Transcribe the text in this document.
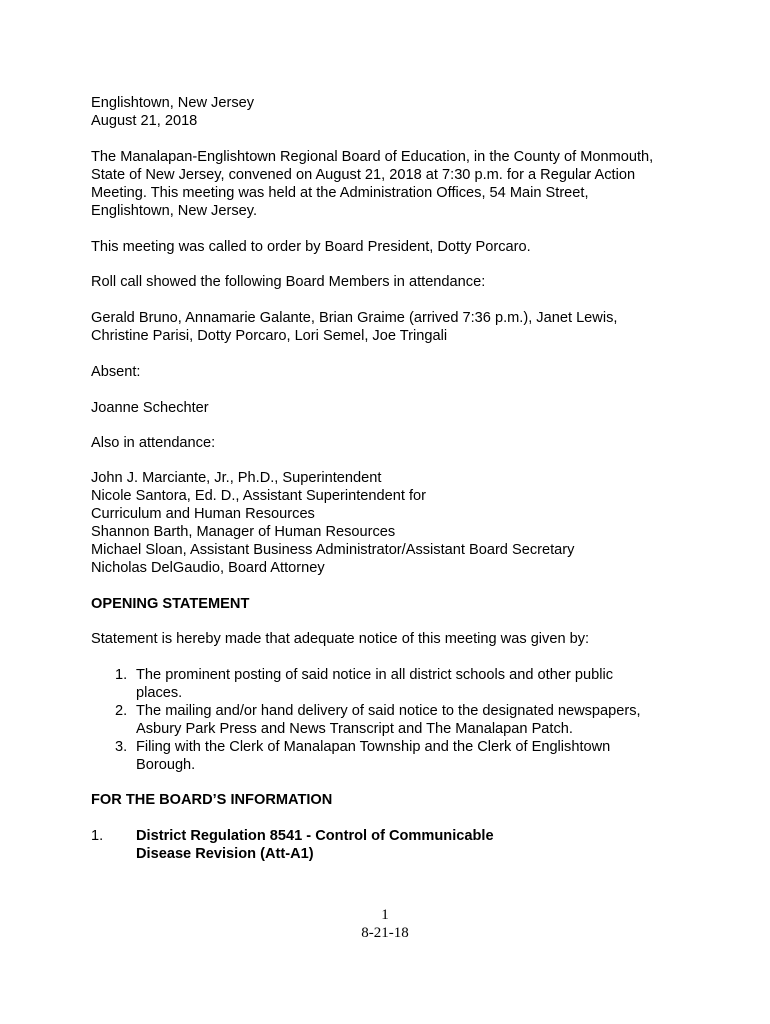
Englishtown, New Jersey
August 21, 2018
The Manalapan-Englishtown Regional Board of Education, in the County of Monmouth,
State of New Jersey, convened on August 21, 2018 at 7:30 p.m. for a Regular Action
Meeting. This meeting was held at the Administration Offices, 54 Main Street,
Englishtown, New Jersey.
This meeting was called to order by Board President, Dotty Porcaro.
Roll call showed the following Board Members in attendance:
Gerald Bruno, Annamarie Galante, Brian Graime (arrived 7:36 p.m.), Janet Lewis,
Christine Parisi, Dotty Porcaro, Lori Semel, Joe Tringali
Absent:
Joanne Schechter
Also in attendance:
John J. Marciante, Jr., Ph.D., Superintendent
Nicole Santora, Ed. D., Assistant Superintendent for
Curriculum and Human Resources
Shannon Barth, Manager of Human Resources
Michael Sloan, Assistant Business Administrator/Assistant Board Secretary
Nicholas DelGaudio, Board Attorney
OPENING STATEMENT
Statement is hereby made that adequate notice of this meeting was given by:
1. The prominent posting of said notice in all district schools and other public
places.
2. The mailing and/or hand delivery of said notice to the designated newspapers,
Asbury Park Press and News Transcript and The Manalapan Patch.
3. Filing with the Clerk of Manalapan Township and the Clerk of Englishtown
Borough.
FOR THE BOARD’S INFORMATION
1. District Regulation 8541 - Control of Communicable
Disease Revision (Att-A1)
1
8-21-18
